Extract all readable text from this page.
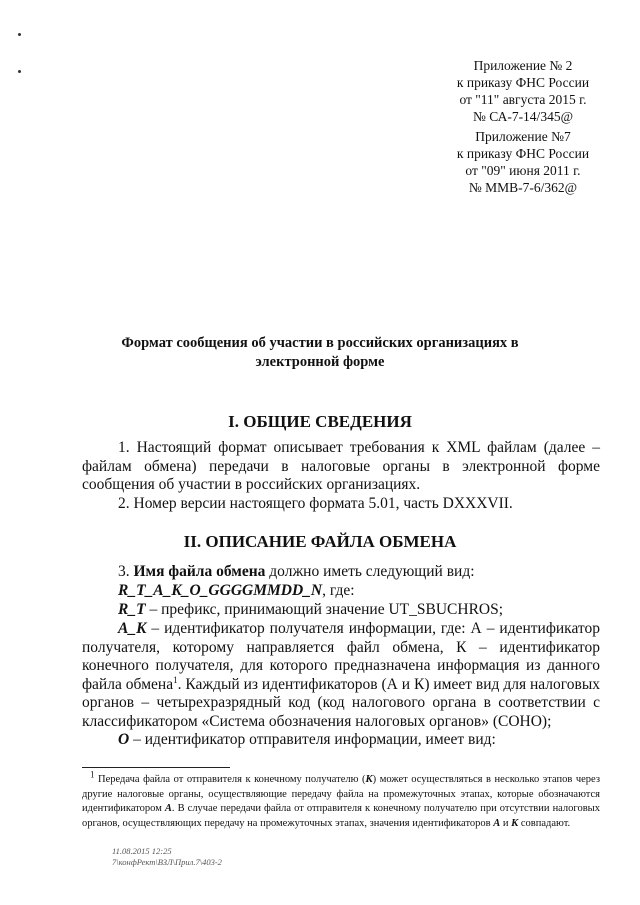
Приложение № 2
к приказу ФНС России
от "11" августа 2015 г.
№ СА-7-14/345@
Приложение №7
к приказу ФНС России
от "09" июня 2011 г.
№ ММВ-7-6/362@
Формат сообщения об участии в российских организациях в
электронной форме
I. ОБЩИЕ СВЕДЕНИЯ
1. Настоящий формат описывает требования к XML файлам (далее – файлам обмена) передачи в налоговые органы в электронной форме сообщения об участии в российских организациях.
2. Номер версии настоящего формата 5.01, часть DXXXVII.
II. ОПИСАНИЕ ФАЙЛА ОБМЕНА
3. Имя файла обмена должно иметь следующий вид:
R_T_A_K_O_GGGGMMDD_N, где:
R_T – префикс, принимающий значение UT_SBUCHROS;
A_K – идентификатор получателя информации, где: А – идентификатор получателя, которому направляется файл обмена, К – идентификатор конечного получателя, для которого предназначена информация из данного файла обмена$^1$. Каждый из идентификаторов (А и К) имеет вид для налоговых органов – четырехразрядный код (код налогового органа в соответствии с классификатором «Система обозначения налоговых органов» (СОНО);
O – идентификатор отправителя информации, имеет вид:
$^1$ Передача файла от отправителя к конечному получателю (К) может осуществляться в несколько этапов через другие налоговые органы, осуществляющие передачу файла на промежуточных этапах, которые обозначаются идентификатором А. В случае передачи файла от отправителя к конечному получателю при отсутствии налоговых органов, осуществляющих передачу на промежуточных этапах, значения идентификаторов А и К совпадают.
11.08.2015 12:25
7\конфРект\ВЗЛ\Прил.7\403-2
